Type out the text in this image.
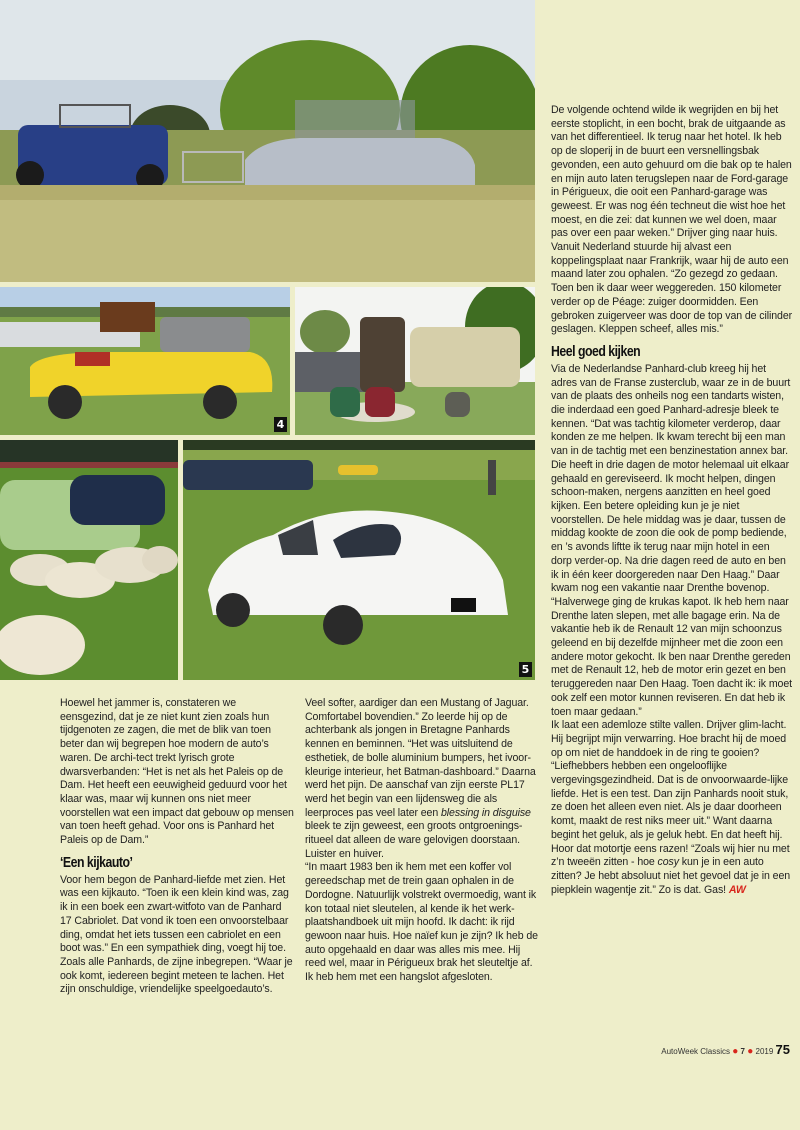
4
5

De volgende ochtend wilde ik wegrijden en bij het eerste stoplicht, in een bocht, brak de uitgaande as van het differentieel. Ik terug naar het hotel. Ik heb op de sloperij in de buurt een versnellingsbak gevonden, een auto gehuurd om die bak op te halen en mijn auto laten terugslepen naar de Ford-garage in Périgueux, die ooit een Panhard-garage was geweest. Er was nog één techneut die wist hoe het moest, en die zei: dat kunnen we wel doen, maar pas over een paar weken.” Drijver ging naar huis. Vanuit Nederland stuurde hij alvast een koppelingsplaat naar Frankrijk, waar hij de auto een maand later zou ophalen. “Zo gezegd zo gedaan. Toen ben ik daar weer weggereden. 150 kilometer verder op de Péage: zuiger doormidden. Een gebroken zuigerveer was door de top van de cilinder geslagen. Kleppen scheef, alles mis.”

Heel goed kijken

Via de Nederlandse Panhard-club kreeg hij het adres van de Franse zusterclub, waar ze in de buurt van de plaats des onheils nog een tandarts wisten, die inderdaad een goed Panhard-adresje bleek te kennen. “Dat was tachtig kilometer verderop, daar konden ze me helpen. Ik kwam terecht bij een man van in de tachtig met een benzinestation annex bar. Die heeft in drie dagen de motor helemaal uit elkaar gehaald en gereviseerd. Ik mocht helpen, dingen schoon-maken, nergens aanzitten en heel goed kijken. Een betere opleiding kun je je niet voorstellen. De hele middag was je daar, tussen de middag kookte de zoon die ook de pomp bediende, en ’s avonds liftte ik terug naar mijn hotel in een dorp verder-op. Na drie dagen reed de auto en ben ik in één keer doorgereden naar Den Haag.” Daar kwam nog een vakantie naar Drenthe bovenop. “Halverwege ging de krukas kapot. Ik heb hem naar Drenthe laten slepen, met alle bagage erin. Na de vakantie heb ik de Renault 12 van mijn schoonzus geleend en bij dezelfde mijnheer met die zoon een andere motor gekocht. Ik ben naar Drenthe gereden met de Renault 12, heb de motor erin gezet en ben teruggereden naar Den Haag. Toen dacht ik: ik moet ook zelf een motor kunnen reviseren. En dat heb ik toen maar gedaan.”

Ik laat een ademloze stilte vallen. Drijver glim-lacht. Hij begrijpt mijn verwarring. Hoe bracht hij de moed op om niet de handdoek in de ring te gooien? “Liefhebbers hebben een ongelooflijke vergevingsgezindheid. Dat is de onvoorwaarde-lijke liefde. Het is een test. Dan zijn Panhards nooit stuk, ze doen het alleen even niet. Als je daar doorheen komt, maakt de rest niks meer uit.” Want daarna begint het geluk, als je geluk hebt. En dat heeft hij. Hoor dat motortje eens razen! “Zoals wij hier nu met z’n tweeën zitten - hoe cosy kun je in een auto zitten? Je hebt absoluut niet het gevoel dat je in een piepklein wagentje zit.” Zo is dat. Gas! AW

Hoewel het jammer is, constateren we eensgezind, dat je ze niet kunt zien zoals hun tijdgenoten ze zagen, die met de blik van toen beter dan wij begrepen hoe modern de auto’s waren. De archi-tect trekt lyrisch grote dwarsverbanden: “Het is net als het Paleis op de Dam. Het heeft een eeuwigheid geduurd voor het klaar was, maar wij kunnen ons niet meer voorstellen wat een impact dat gebouw op mensen van toen heeft gehad. Voor ons is Panhard het Paleis op de Dam.”

‘Een kijkauto’

Voor hem begon de Panhard-liefde met zien. Het was een kijkauto. “Toen ik een klein kind was, zag ik in een boek een zwart-witfoto van de Panhard 17 Cabriolet. Dat vond ik toen een onvoorstelbaar ding, omdat het iets tussen een cabriolet en een boot was.” En een sympathiek ding, voegt hij toe. Zoals alle Panhards, de zijne inbegrepen. “Waar je ook komt, iedereen begint meteen te lachen. Het zijn onschuldige, vriendelijke speelgoedauto’s.

Veel softer, aardiger dan een Mustang of Jaguar. Comfortabel bovendien.” Zo leerde hij op de achterbank als jongen in Bretagne Panhards kennen en beminnen. “Het was uitsluitend de esthetiek, de bolle aluminium bumpers, het ivoor-kleurige interieur, het Batman-dashboard.” Daarna werd het pijn. De aanschaf van zijn eerste PL17 werd het begin van een lijdensweg die als leerproces pas veel later een blessing in disguise bleek te zijn geweest, een groots ontgroenings-ritueel dat alleen de ware gelovigen doorstaan. Luister en huiver.

“In maart 1983 ben ik hem met een koffer vol gereedschap met de trein gaan ophalen in de Dordogne. Natuurlijk volstrekt overmoedig, want ik kon totaal niet sleutelen, al kende ik het werk-plaatshandboek uit mijn hoofd. Ik dacht: ik rijd gewoon naar huis. Hoe naïef kun je zijn? Ik heb de auto opgehaald en daar was alles mis mee. Hij reed wel, maar in Périgueux brak het sleuteltje af. Ik heb hem met een hangslot afgesloten.

AutoWeek Classics ● 7 ● 2019 75
